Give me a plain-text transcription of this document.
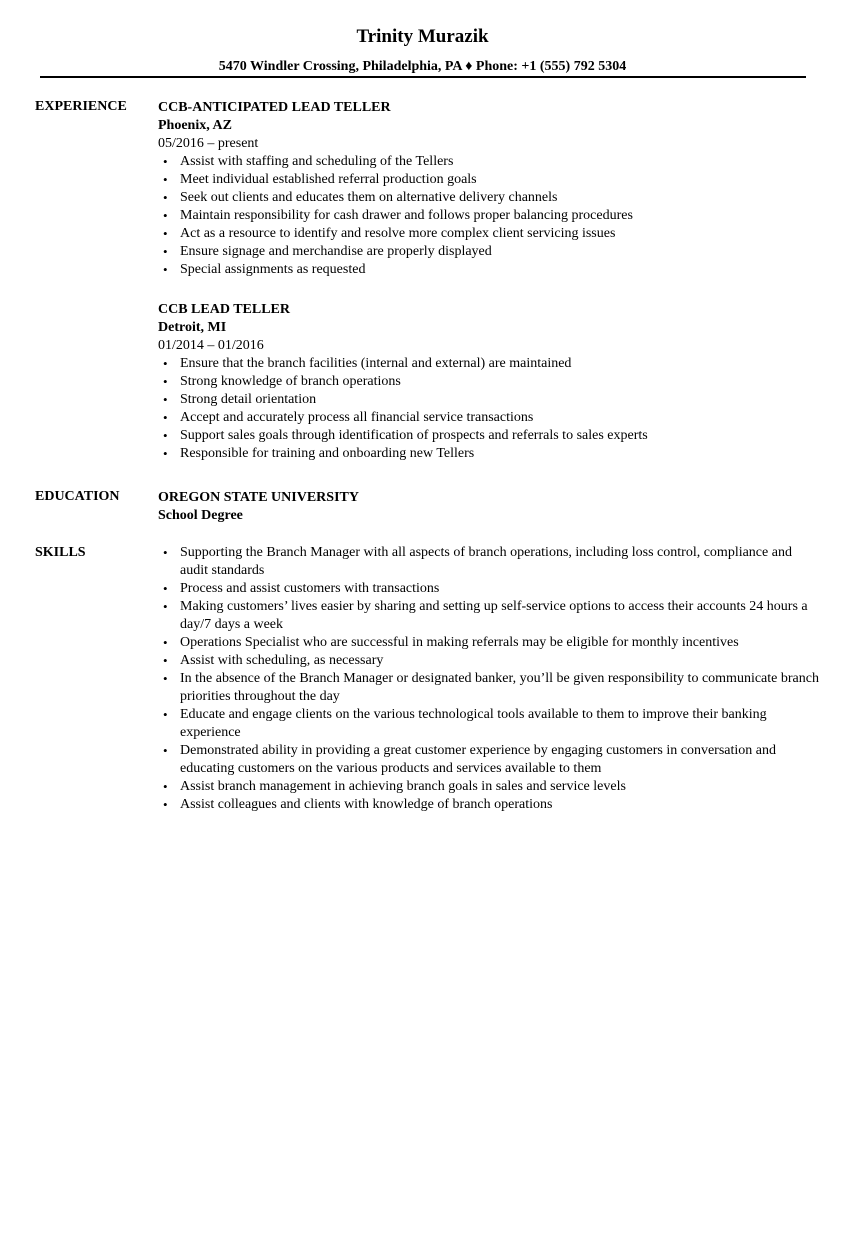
Trinity Murazik
5470 Windler Crossing, Philadelphia, PA ♦ Phone: +1 (555) 792 5304
EXPERIENCE CCB-ANTICIPATED LEAD TELLER
Phoenix, AZ
05/2016 – present
• Assist with staffing and scheduling of the Tellers
• Meet individual established referral production goals
• Seek out clients and educates them on alternative delivery channels
• Maintain responsibility for cash drawer and follows proper balancing procedures
• Act as a resource to identify and resolve more complex client servicing issues
• Ensure signage and merchandise are properly displayed
• Special assignments as requested
CCB LEAD TELLER
Detroit, MI
01/2014 – 01/2016
• Ensure that the branch facilities (internal and external) are maintained
• Strong knowledge of branch operations
• Strong detail orientation
• Accept and accurately process all financial service transactions
• Support sales goals through identification of prospects and referrals to sales experts
• Responsible for training and onboarding new Tellers
EDUCATION	OREGON STATE UNIVERSITY
School Degree
SKILLS	• Supporting the Branch Manager with all aspects of branch operations, including loss control, compliance and audit standards
• Process and assist customers with transactions
• Making customers’ lives easier by sharing and setting up self-service options to access their accounts 24 hours a day/7 days a week
• Operations Specialist who are successful in making referrals may be eligible for monthly incentives
• Assist with scheduling, as necessary
• In the absence of the Branch Manager or designated banker, you’ll be given responsibility to communicate branch priorities throughout the day
• Educate and engage clients on the various technological tools available to them to improve their banking experience
• Demonstrated ability in providing a great customer experience by engaging customers in conversation and educating customers on the various products and services available to them
• Assist branch management in achieving branch goals in sales and service levels
• Assist colleagues and clients with knowledge of branch operations
